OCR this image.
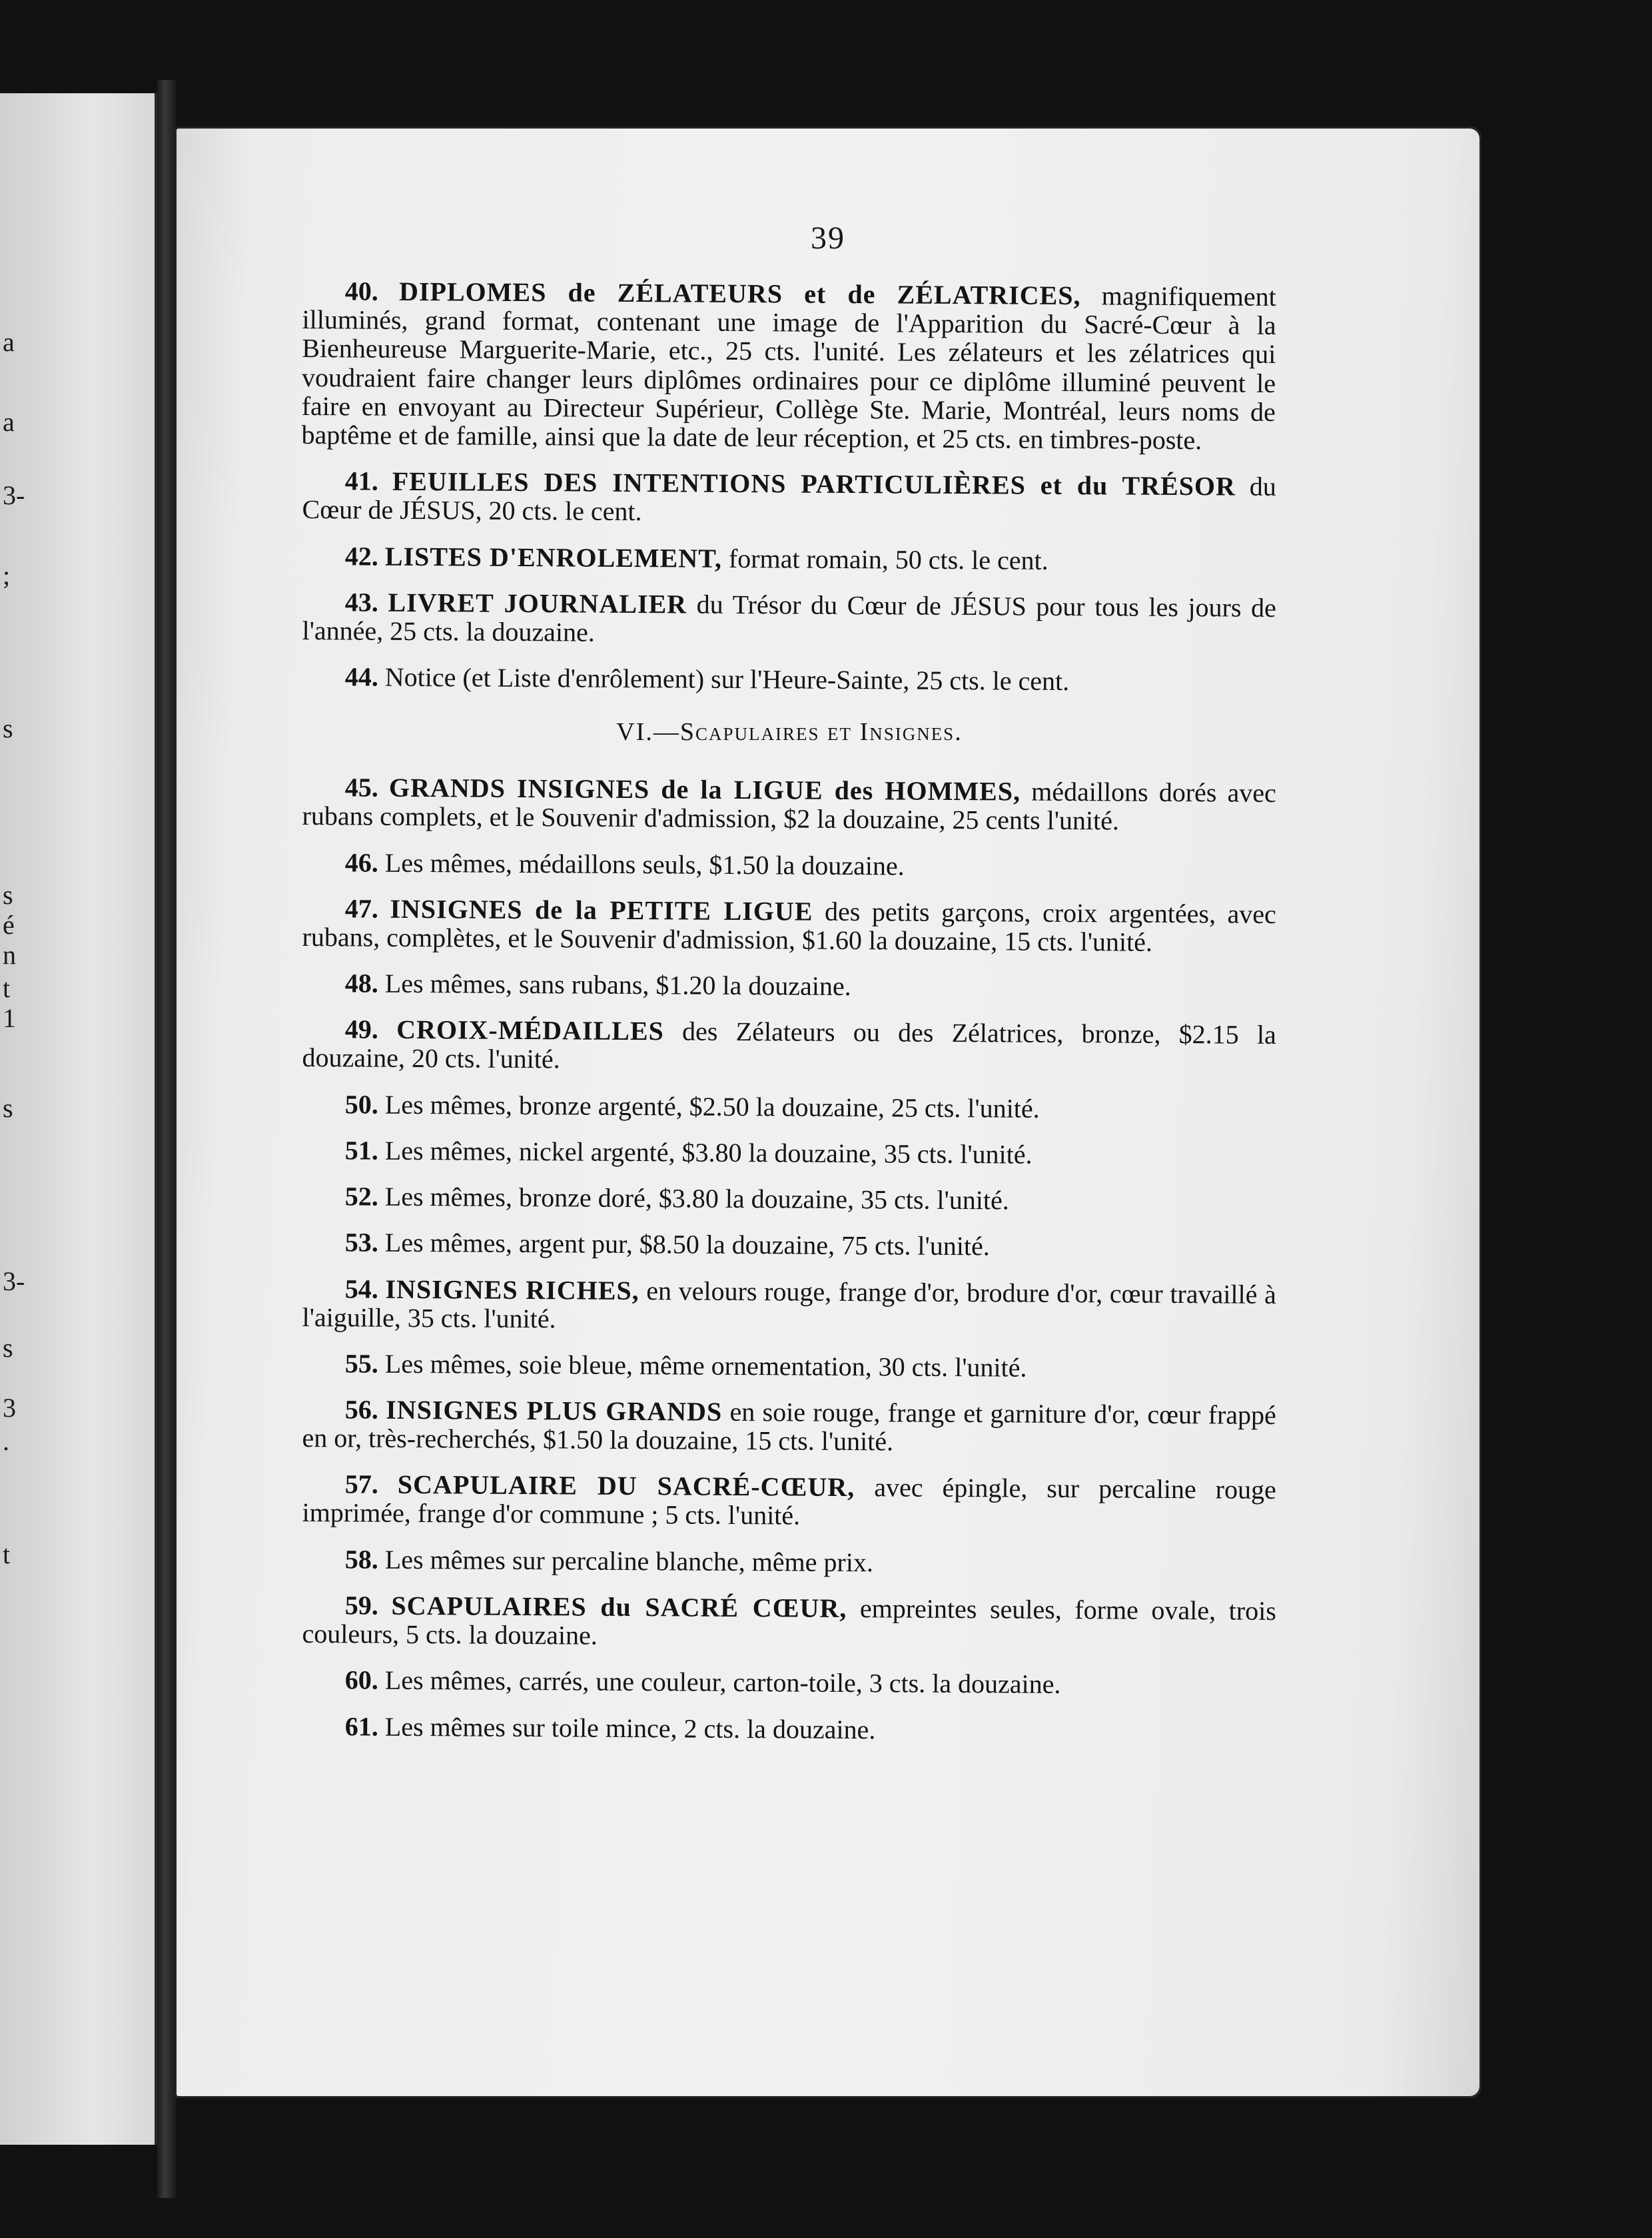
a
a
3-
;
s
s
é
n
t
1
s
3-
s
3
.
t
39

40. DIPLOMES de ZÉLATEURS et de ZÉLATRICES, magnifiquement illuminés, grand format, contenant une image de l'Apparition du Sacré-Cœur à la Bienheureuse Marguerite-Marie, etc., 25 cts. l'unité. Les zélateurs et les zélatrices qui voudraient faire changer leurs diplômes ordinaires pour ce diplôme illuminé peuvent le faire en envoyant au Directeur Supérieur, Collège Ste. Marie, Montréal, leurs noms de baptême et de famille, ainsi que la date de leur réception, et 25 cts. en timbres-poste.

41. FEUILLES DES INTENTIONS PARTICULIÈRES et du TRÉSOR du Cœur de JÉSUS, 20 cts. le cent.

42. LISTES D'ENROLEMENT, format romain, 50 cts. le cent.

43. LIVRET JOURNALIER du Trésor du Cœur de JÉSUS pour tous les jours de l'année, 25 cts. la douzaine.

44. Notice (et Liste d'enrôlement) sur l'Heure-Sainte, 25 cts. le cent.

VI.—Scapulaires et Insignes.

45. GRANDS INSIGNES de la LIGUE des HOMMES, médaillons dorés avec rubans complets, et le Souvenir d'admission, $2 la douzaine, 25 cents l'unité.

46. Les mêmes, médaillons seuls, $1.50 la douzaine.

47. INSIGNES de la PETITE LIGUE des petits garçons, croix argentées, avec rubans, complètes, et le Souvenir d'admission, $1.60 la douzaine, 15 cts. l'unité.

48. Les mêmes, sans rubans, $1.20 la douzaine.

49. CROIX-MÉDAILLES des Zélateurs ou des Zélatrices, bronze, $2.15 la douzaine, 20 cts. l'unité.

50. Les mêmes, bronze argenté, $2.50 la douzaine, 25 cts. l'unité.

51. Les mêmes, nickel argenté, $3.80 la douzaine, 35 cts. l'unité.

52. Les mêmes, bronze doré, $3.80 la douzaine, 35 cts. l'unité.

53. Les mêmes, argent pur, $8.50 la douzaine, 75 cts. l'unité.

54. INSIGNES RICHES, en velours rouge, frange d'or, brodure d'or, cœur travaillé à l'aiguille, 35 cts. l'unité.

55. Les mêmes, soie bleue, même ornementation, 30 cts. l'unité.

56. INSIGNES PLUS GRANDS en soie rouge, frange et garniture d'or, cœur frappé en or, très-recherchés, $1.50 la douzaine, 15 cts. l'unité.

57. SCAPULAIRE DU SACRÉ-CŒUR, avec épingle, sur percaline rouge imprimée, frange d'or commune ; 5 cts. l'unité.

58. Les mêmes sur percaline blanche, même prix.

59. SCAPULAIRES du SACRÉ CŒUR, empreintes seules, forme ovale, trois couleurs, 5 cts. la douzaine.

60. Les mêmes, carrés, une couleur, carton-toile, 3 cts. la douzaine.

61. Les mêmes sur toile mince, 2 cts. la douzaine.
